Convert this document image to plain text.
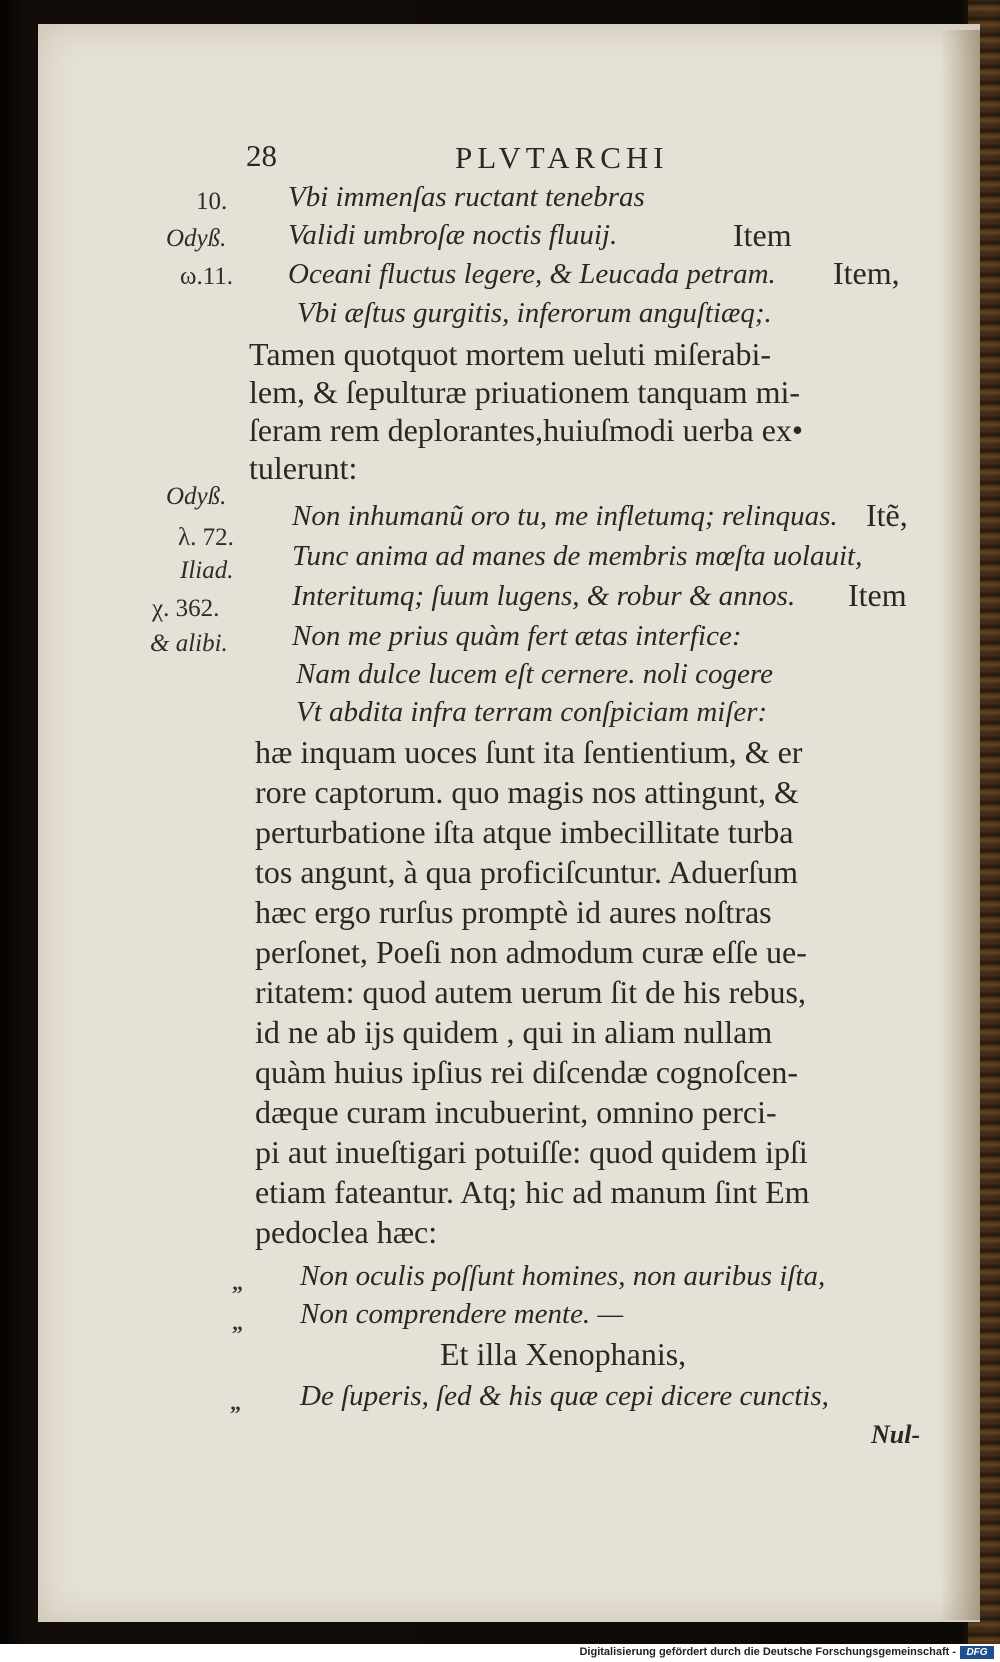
28	PLVTARCHI
10.
Odyß.
ω.11.
Odyß.
λ. 72.
Iliad.
χ. 362.
& alibi.
Vbi immenſas ructant tenebras
Validi umbroſæ noctis fluuij.	Item
Oceani fluctus legere, & Leucada petram. Item,
Vbi æſtus gurgitis, inferorum anguſtiæq;.
Tamen quotquot mortem ueluti miſerabi-
lem, & ſepulturæ priuationem tanquam mi-
ſeram rem deplorantes,huiuſmodi uerba ex•
tulerunt:
Non inhumanũ oro tu, me infletumq; relinquas. Itẽ,
Tunc anima ad manes de membris mœſta uolauit,
Interitumq; ſuum lugens, & robur & annos. Item
Non me prius quàm fert ætas interfice:
Nam dulce lucem eſt cernere. noli cogere
Vt abdita infra terram conſpiciam miſer:
hæ inquam uoces ſunt ita ſentientium, & er
rore captorum. quo magis nos attingunt, &
perturbatione iſta atque imbecillitate turba
tos angunt, à qua proficiſcuntur. Aduerſum
hæc ergo rurſus promptè id aures noſtras
perſonet, Poeſi non admodum curæ eſſe ue-
ritatem: quod autem uerum ſit de his rebus,
id ne ab ijs quidem , qui in aliam nullam
quàm huius ipſius rei diſcendæ cognoſcen-
dæque curam incubuerint, omnino perci-
pi aut inueſtigari potuiſſe: quod quidem ipſi
etiam fateantur. Atq; hic ad manum ſint Em
pedoclea hæc:
„ Non oculis poſſunt homines, non auribus iſta,
„ Non comprendere mente. —
Et illa Xenophanis,
„ De ſuperis, ſed & his quæ cepi dicere cunctis,
Nul-
Digitalisierung gefördert durch die Deutsche Forschungsgemeinschaft -	DFG
